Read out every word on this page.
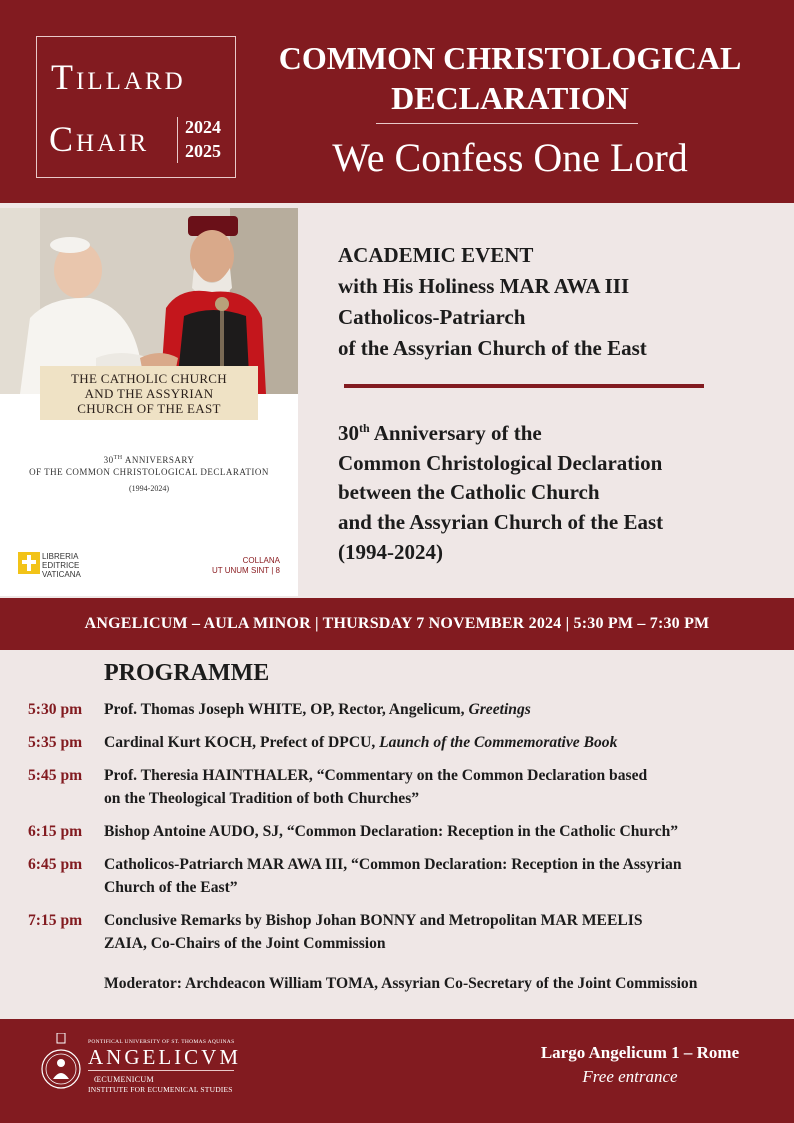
Tillard
Chair 2024
2025
COMMON CHRISTOLOGICAL
DECLARATION
We Confess One Lord
THE CATHOLIC CHURCH
AND THE ASSYRIAN
CHURCH OF THE EAST
30TH ANNIVERSARY
OF THE COMMON CHRISTOLOGICAL DECLARATION
(1994-2024)
LIBRERIA
EDITRICE
VATICANA
COLLANA
UT UNUM SINT | 8
ACADEMIC EVENT
with His Holiness MAR AWA III
Catholicos-Patriarch
of the Assyrian Church of the East
30th Anniversary of the
Common Christological Declaration
between the Catholic Church
and the Assyrian Church of the East
(1994-2024)
ANGELICUM – AULA MINOR | THURSDAY 7 NOVEMBER 2024 | 5:30 PM – 7:30 PM
PROGRAMME
5:30 pm Prof. Thomas Joseph WHITE, OP, Rector, Angelicum, Greetings
5:35 pm Cardinal Kurt KOCH, Prefect of DPCU, Launch of the Commemorative Book
5:45 pm Prof. Theresia HAINTHALER, “Commentary on the Common Declaration based
on the Theological Tradition of both Churches”
6:15 pm Bishop Antoine AUDO, SJ, “Common Declaration: Reception in the Catholic Church”
6:45 pm Catholicos-Patriarch MAR AWA III, “Common Declaration: Reception in the Assyrian
Church of the East”
7:15 pm Conclusive Remarks by Bishop Johan BONNY and Metropolitan MAR MEELIS
ZAIA, Co-Chairs of the Joint Commission
Moderator: Archdeacon William TOMA, Assyrian Co-Secretary of the Joint Commission
PONTIFICAL UNIVERSITY OF ST. THOMAS AQUINAS
ANGELICVM
ŒCUMENICUM
INSTITUTE FOR ECUMENICAL STUDIES
Largo Angelicum 1 – Rome
Free entrance
